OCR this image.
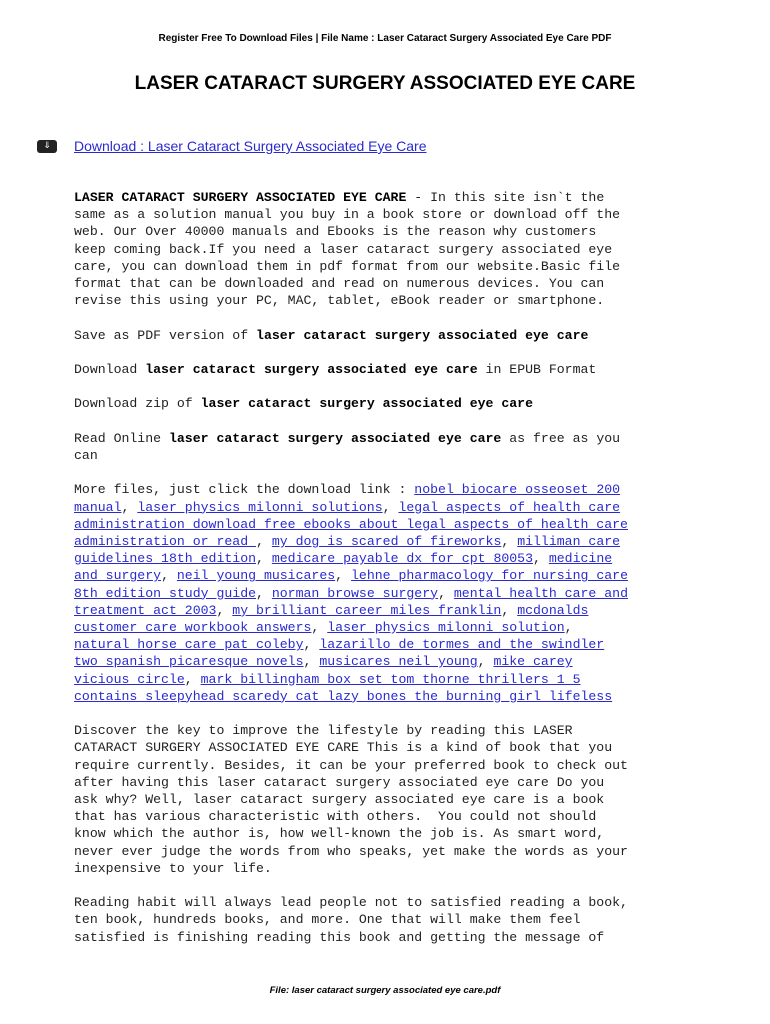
Register Free To Download Files | File Name : Laser Cataract Surgery Associated Eye Care PDF
LASER CATARACT SURGERY ASSOCIATED EYE CARE
⇓	Download : Laser Cataract Surgery Associated Eye Care

LASER CATARACT SURGERY ASSOCIATED EYE CARE - In this site isn`t the
same as a solution manual you buy in a book store or download off the
web. Our Over 40000 manuals and Ebooks is the reason why customers
keep coming back.If you need a laser cataract surgery associated eye
care, you can download them in pdf format from our website.Basic file
format that can be downloaded and read on numerous devices. You can
revise this using your PC, MAC, tablet, eBook reader or smartphone.

Save as PDF version of laser cataract surgery associated eye care

Download laser cataract surgery associated eye care in EPUB Format

Download zip of laser cataract surgery associated eye care

Read Online laser cataract surgery associated eye care as free as you
can

More files, just click the download link : nobel biocare osseoset 200
manual, laser physics milonni solutions, legal aspects of health care
administration download free ebooks about legal aspects of health care
administration or read , my dog is scared of fireworks, milliman care
guidelines 18th edition, medicare payable dx for cpt 80053, medicine
and surgery, neil young musicares, lehne pharmacology for nursing care
8th edition study guide, norman browse surgery, mental health care and
treatment act 2003, my brilliant career miles franklin, mcdonalds
customer care workbook answers, laser physics milonni solution,
natural horse care pat coleby, lazarillo de tormes and the swindler
two spanish picaresque novels, musicares neil young, mike carey
vicious circle, mark billingham box set tom thorne thrillers 1 5
contains sleepyhead scaredy cat lazy bones the burning girl lifeless

Discover the key to improve the lifestyle by reading this LASER
CATARACT SURGERY ASSOCIATED EYE CARE This is a kind of book that you
require currently. Besides, it can be your preferred book to check out
after having this laser cataract surgery associated eye care Do you
ask why? Well, laser cataract surgery associated eye care is a book
that has various characteristic with others.  You could not should
know which the author is, how well-known the job is. As smart word,
never ever judge the words from who speaks, yet make the words as your
inexpensive to your life.

Reading habit will always lead people not to satisfied reading a book,
ten book, hundreds books, and more. One that will make them feel
satisfied is finishing reading this book and getting the message of

File: laser cataract surgery associated eye care.pdf
